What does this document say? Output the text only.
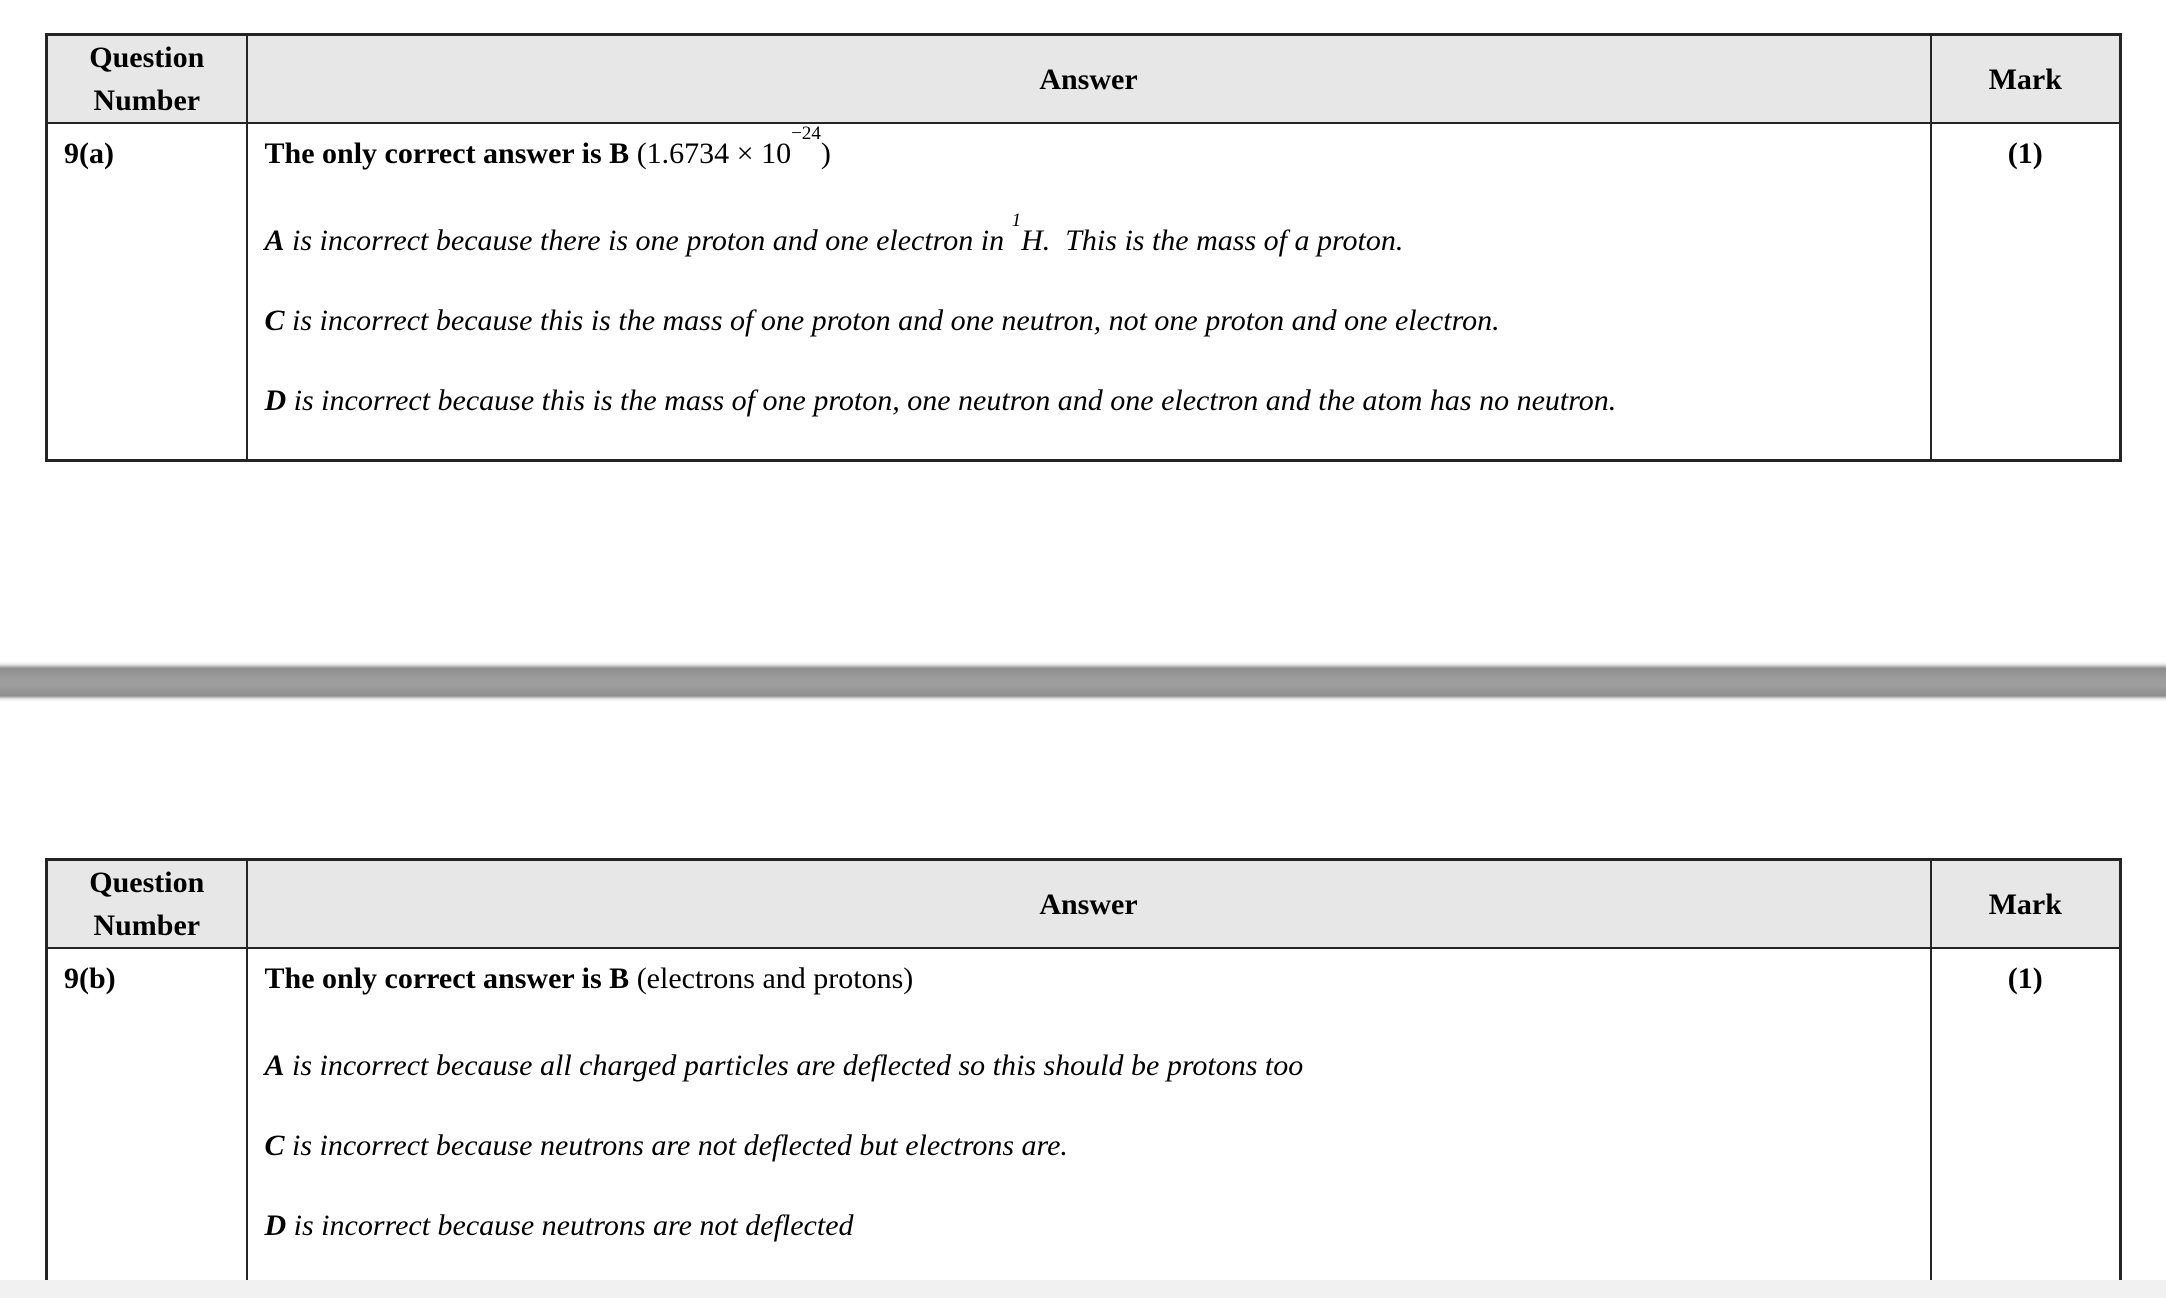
Question Number	Answer	Mark
9(a)	The only correct answer is B $(1.6734 \times 10^{-24})$

A is incorrect because there is one proton and one electron in $^1$H.  This is the mass of a proton.

C is incorrect because this is the mass of one proton and one neutron, not one proton and one electron.

D is incorrect because this is the mass of one proton, one neutron and one electron and the atom has no neutron.	(1)
Question Number	Answer	Mark
9(b)	The only correct answer is B (electrons and protons)

A is incorrect because all charged particles are deflected so this should be protons too

C is incorrect because neutrons are not deflected but electrons are.

D is incorrect because neutrons are not deflected	(1)
